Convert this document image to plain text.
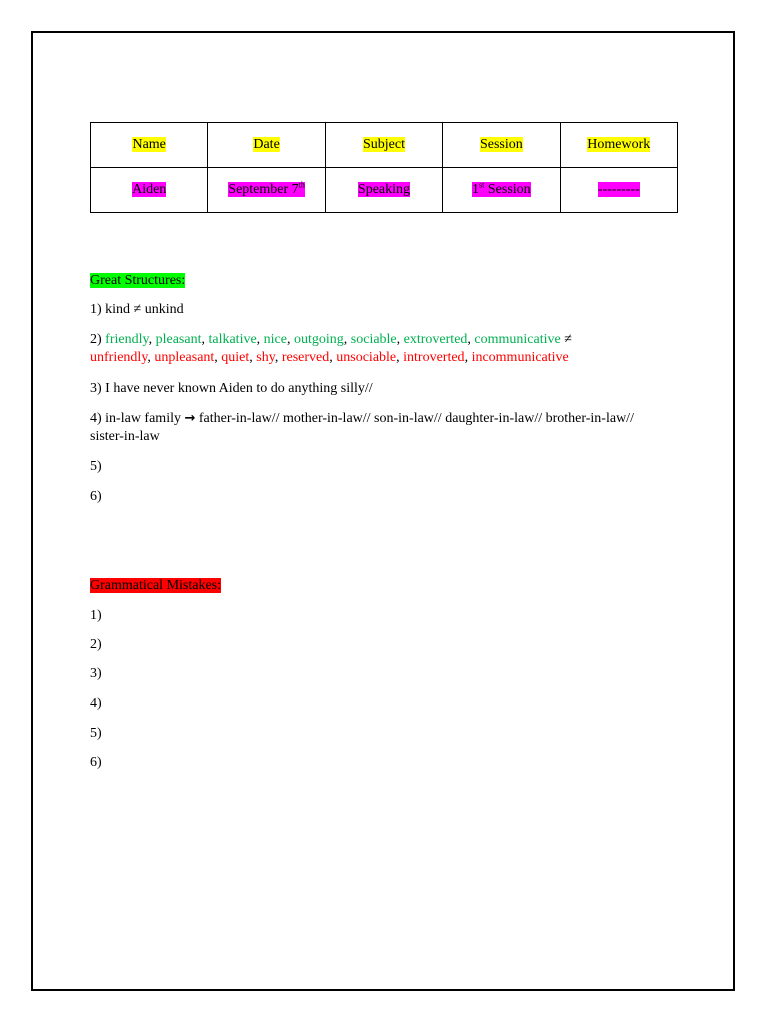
Name	Date	Subject	Session	Homework
Aiden	September 7th	Speaking	1st Session	---------

Great Structures:

1) kind ≠ unkind

2) friendly, pleasant, talkative, nice, outgoing, sociable, extroverted, communicative ≠
unfriendly, unpleasant, quiet, shy, reserved, unsociable, introverted, incommunicative

3) I have never known Aiden to do anything silly//

4) in-law family → father-in-law// mother-in-law// son-in-law// daughter-in-law// brother-in-law// sister-in-law

5)

6)

Grammatical Mistakes:

1)

2)

3)

4)

5)

6)
